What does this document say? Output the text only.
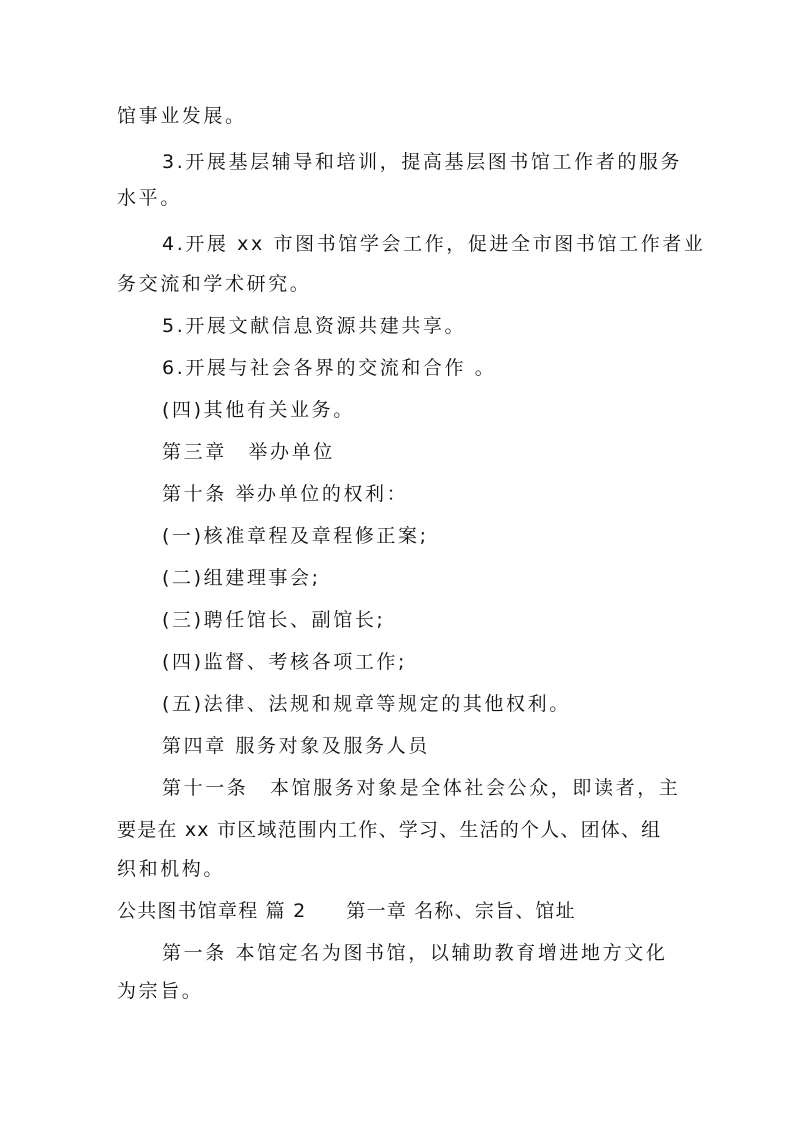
馆事业发展。
3.开展基层辅导和培训，提高基层图书馆工作者的服务
水平。
4.开展 xx 市图书馆学会工作，促进全市图书馆工作者业
务交流和学术研究。
5.开展文献信息资源共建共享。
6.开展与社会各界的交流和合作 。
(四)其他有关业务。
第三章　举办单位
第十条 举办单位的权利：
(一)核准章程及章程修正案;
(二)组建理事会;
(三)聘任馆长、副馆长;
(四)监督、考核各项工作;
(五)法律、法规和规章等规定的其他权利。
第四章 服务对象及服务人员
第十一条　本馆服务对象是全体社会公众，即读者，主
要是在 xx 市区域范围内工作、学习、生活的个人、团体、组
织和机构。
公共图书馆章程 篇 2 第一章 名称、宗旨、馆址
第一条 本馆定名为图书馆，以辅助教育增进地方文化
为宗旨。
